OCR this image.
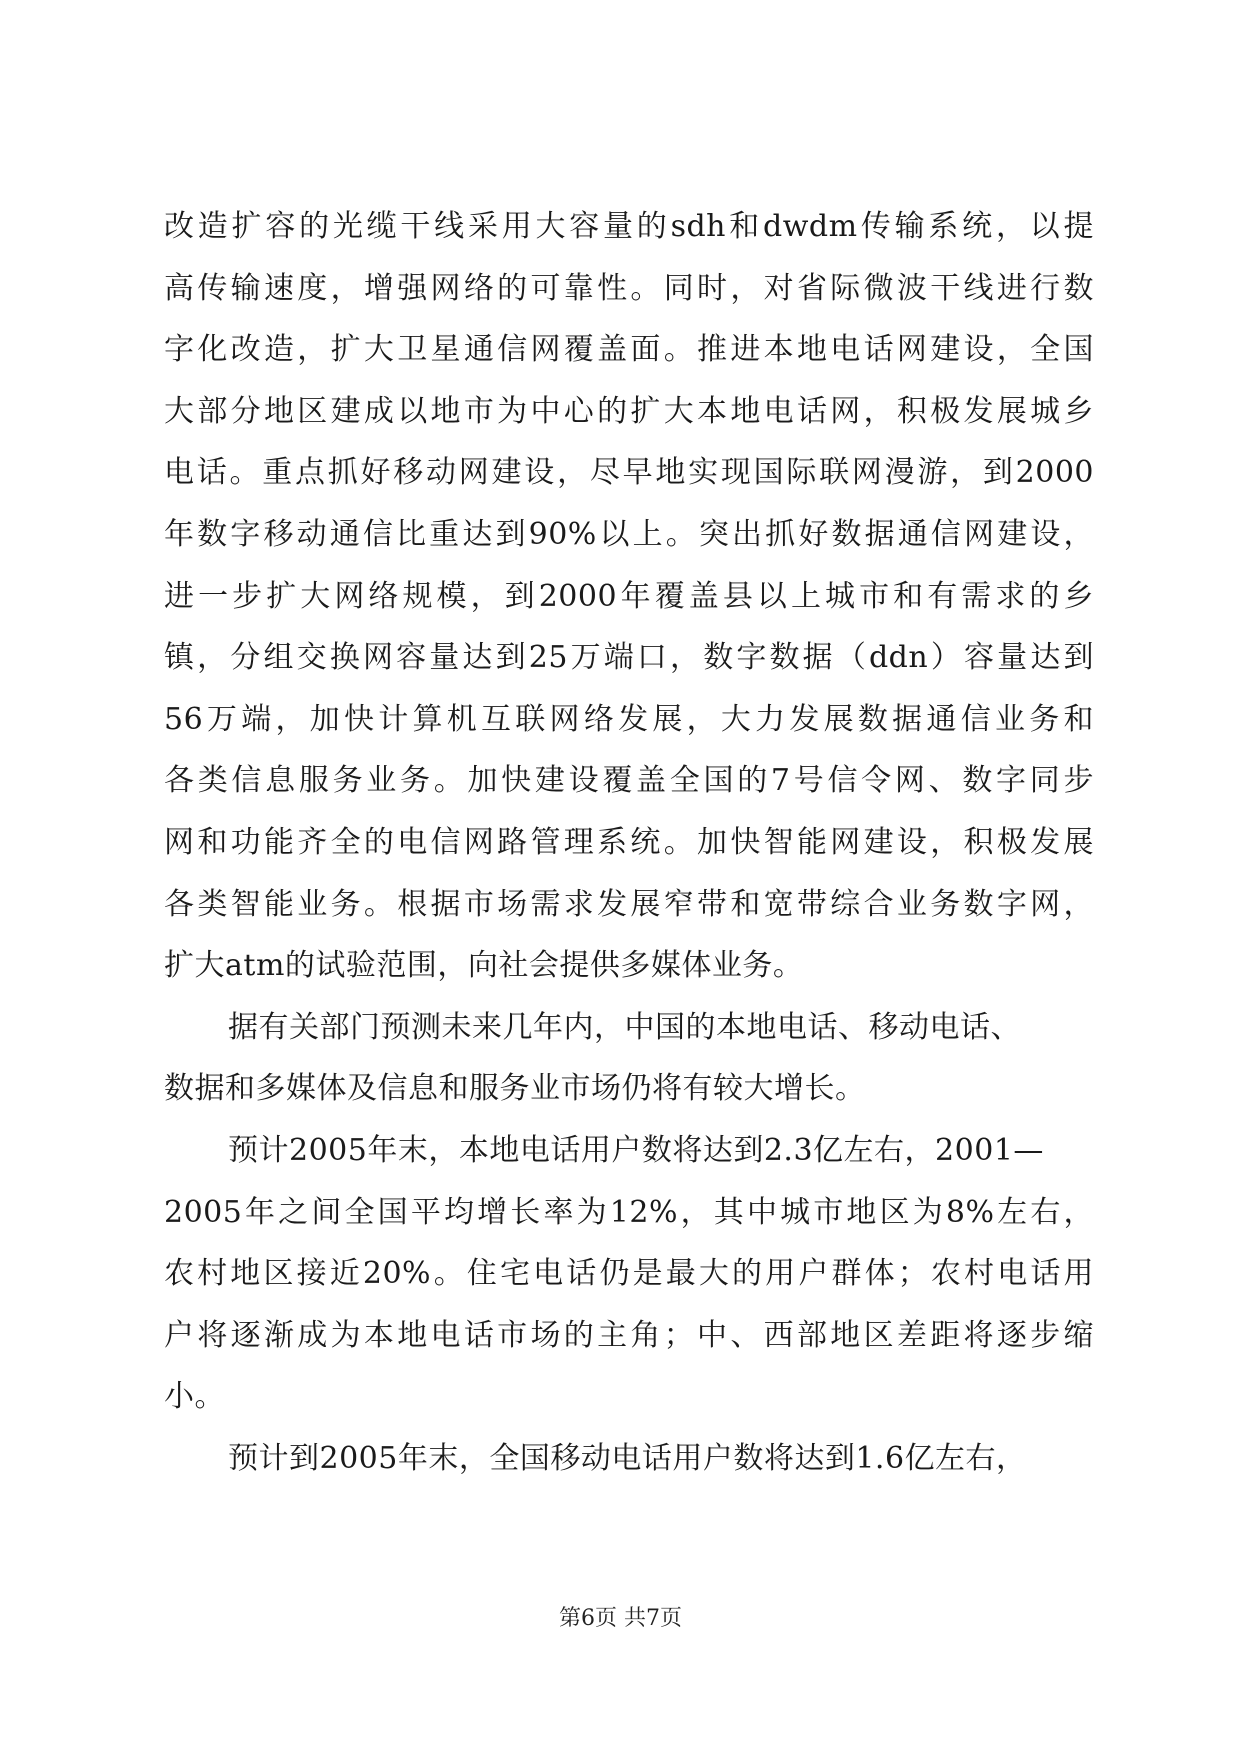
改造扩容的光缆干线采用大容量的sdh和dwdm传输系统，以提
高传输速度，增强网络的可靠性。同时，对省际微波干线进行数
字化改造，扩大卫星通信网覆盖面。推进本地电话网建设，全国
大部分地区建成以地市为中心的扩大本地电话网，积极发展城乡
电话。重点抓好移动网建设，尽早地实现国际联网漫游，到2000
年数字移动通信比重达到90%以上。突出抓好数据通信网建设，
进一步扩大网络规模，到2000年覆盖县以上城市和有需求的乡
镇，分组交换网容量达到25万端口，数字数据（ddn）容量达到
56万端，加快计算机互联网络发展，大力发展数据通信业务和
各类信息服务业务。加快建设覆盖全国的7号信令网、数字同步
网和功能齐全的电信网路管理系统。加快智能网建设，积极发展
各类智能业务。根据市场需求发展窄带和宽带综合业务数字网，
扩大atm的试验范围，向社会提供多媒体业务。
据有关部门预测未来几年内，中国的本地电话、移动电话、
数据和多媒体及信息和服务业市场仍将有较大增长。
预计2005年末，本地电话用户数将达到2.3亿左右，2001—
2005年之间全国平均增长率为12%，其中城市地区为8%左右，
农村地区接近20%。住宅电话仍是最大的用户群体；农村电话用
户将逐渐成为本地电话市场的主角；中、西部地区差距将逐步缩
小。
预计到2005年末，全国移动电话用户数将达到1.6亿左右，
第6页 共7页
